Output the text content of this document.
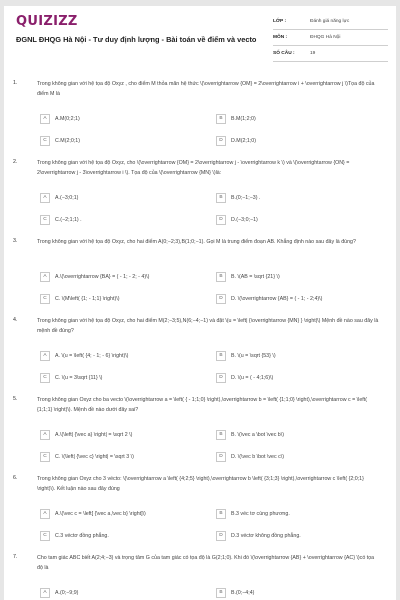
QUIZIZZ
ĐGNL ĐHQG Hà Nội - Tư duy định lượng - Bài toán về điểm và vecto
LỚP :	Đánh giá năng lực
MÔN :	ĐHQG Hà Nội
SỐ CÂU :	19
1.	Trong không gian với hệ tọa độ Oxyz , cho điểm M thỏa mãn hệ thức \(\overrightarrow {OM} = 2\overrightarrow i + \overrightarrow j \)Tọa độ của điểm M là
A	A.M(0;2;1)	B	B.M(1;2;0)
C	C.M(2;0;1)	D	D.M(2;1;0)
2.	Trong không gian với hệ tọa độ Oxyz, cho \(\overrightarrow {OM} = 2\overrightarrow j - \overrightarrow k \) và \(\overrightarrow {ON} = 2\overrightarrow j - 3\overrightarrow i \). Tọa độ của \(\overrightarrow {MN} \)là:
A	A.(−3;0;1)	B	B.(0;−1;−3) .
C	C.(−2;1;1) .	D	D.(−3;0;−1)
3.	Trong không gian với hệ tọa độ Oxyz, cho hai điểm A(0;−2;3),B(1;0;−1). Gọi M là trung điểm đoạn AB. Khẳng định nào sau đây là đúng?
A	A.\(\overrightarrow {BA} = ( - 1; - 2; - 4)\)	B	B. \(AB = \sqrt {21} \)
C	C. \(M\left( {1; - 1;1} \right)\)	D	D. \(\overrightarrow {AB} = ( - 1; - 2;4)\)
4.	Trong không gian với hệ tọa độ Oxyz, cho hai điểm M(2;−3;5),N(6;−4;−1) và đặt \(u = \left| {\overrightarrow {MN} } \right|\) Mệnh đề nào sau đây là mệnh đề đúng?
A	A. \(u = \left( {4; - 1; - 6} \right)\)	B	B. \(u = \sqrt {53} \)
C	C. \(u = 3\sqrt {11} \)	D	D. \(u = ( - 4;1;6)\)
5.	Trong không gian Oxyz cho ba vecto \(\overrightarrow a = \left( { - 1;1;0} \right),\overrightarrow b = \left( {1;1;0} \right),\overrightarrow c = \left( {1;1;1} \right)\). Mệnh đề nào dưới đây sai?
A	A.\(\left| {\vec a} \right| = \sqrt 2 \)	B	B. \(\vec a \bot \vec b\)
C	C. \(\left| {\vec c} \right| = \sqrt 3 \)	D	D. \(\vec b \bot \vec c\)
6.	Trong không gian Oxyz cho 3 vécto: \(\overrightarrow a \left( {4;2;5} \right),\overrightarrow b \left( {3;1;3} \right),\overrightarrow c \left( {2;0;1} \right)\). Kết luận nào sau đây đúng
A	A.\(\vec c = \left[ {\vec a,\vec b} \right]\)	B	B.3 véc tơ cùng phương.
C	C.3 véctơ đồng phẳng.	D	D.3 véctơ không đồng phẳng.
7.	Cho tam giác ABC biết A(2;4;−3) và trọng tâm G của tam giác có tọa độ là G(2;1;0). Khi đó \(\overrightarrow {AB} + \overrightarrow {AC} \)có tọa độ là
A	A.(0;−9;9)	B	B.(0;−4;4)
